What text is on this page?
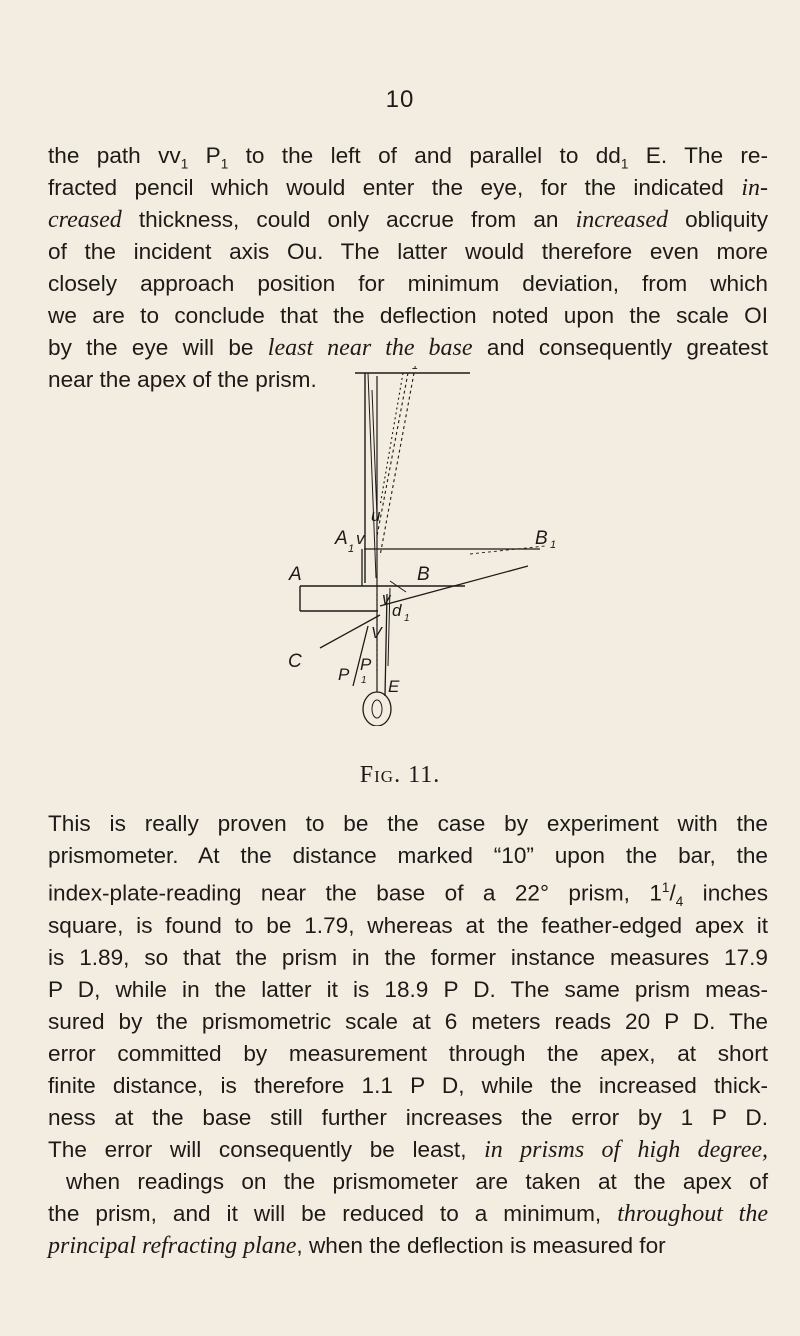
10

the path $vv_1$ $P_1$ to the left of and parallel to $dd_1$ E. The re-

fracted pencil which would enter the eye, for the indicated in-

creased thickness, could only accrue from an increased obliquity

of the incident axis Ou. The latter would therefore even more

closely approach position for minimum deviation, from which

we are to conclude that the deflection noted upon the scale OI

by the eye will be least near the base and consequently greatest

near the apex of the prism.

1
A 1
A
B 1
B
u
v
v
V
C
P
P
1
d 1
E
Fig. 11.

This is really proven to be the case by experiment with the

prismometer. At the distance marked “10” upon the bar, the

index-plate-reading near the base of a 22° prism, $1^1/_4$ inches

square, is found to be 1.79, whereas at the feather-edged apex it

is 1.89, so that the prism in the former instance measures 17.9

P D, while in the latter it is 18.9 P D. The same prism meas-

sured by the prismometric scale at 6 meters reads 20 P D. The

error committed by measurement through the apex, at short

finite distance, is therefore 1.1 P D, while the increased thick-

ness at the base still further increases the error by 1 P D.

The error will consequently be least, in prisms of high degree,

when readings on the prismometer are taken at the apex of

the prism, and it will be reduced to a minimum, throughout the

principal refracting plane, when the deflection is measured for
